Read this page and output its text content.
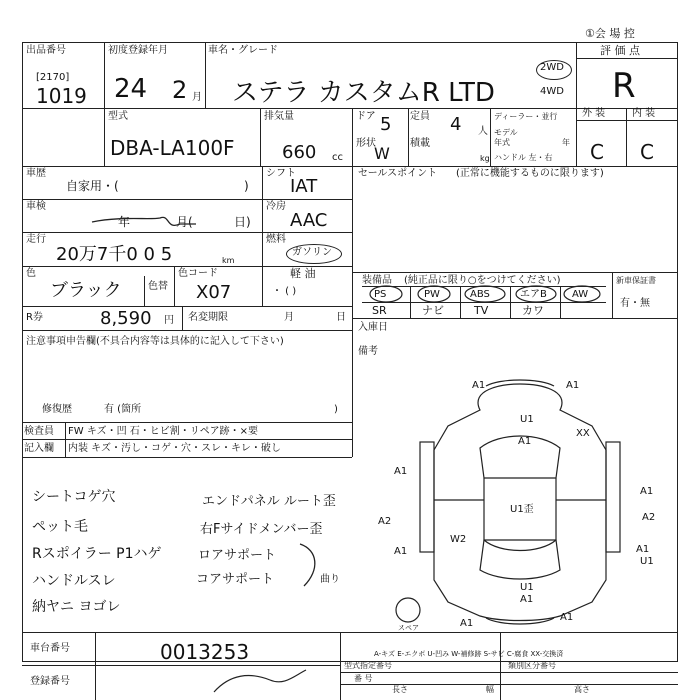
①会 場 控
出品番号
[2170]
1019
初度登録年月
24 2 月
車名・グレード
ステラ カスタムR LTD
2WD
4WD
評 価 点
R
型式
DBA-LA100F
排気量
660 cc
ドア 5 定員 4 人
形状
W
積載
kg
ディーラー・並行
モデル年式	年
ハンドル 左・右
外 装	内 装
C C
車歴
自家用・(	)
シフト
IAT
車検
年	月(	日)
冷房
AAC
走行
20万7千0 0 5	km
燃料
ガソリン
軽 油
・ ( )
色
ブラック	色替
色コード
X07
R券	8,590 円 名変期限	月	日
注意事項申告欄(不具合内容等は具体的に記入して下さい)
修復歴	有 (箇所	)
検査員 FW キズ・凹 石・ヒビ割・リペア跡・×要
記入欄 内装 キズ・汚し・コゲ・穴・スレ・キレ・破し
シートコゲ穴
ペット毛
Rスポイラー P1ハゲ
ハンドルスレ
納ヤニ ヨゴレ
エンドパネル ルート歪
右Fサイドメンバー歪
ロアサポート
コアサポート	曲り
セールスポイント (正常に機能するものに限ります)
装備品 (純正品に限り○をつけてください)	新車保証書
有・無
PS	PW	ABS	エアB	AW
SR	ナビ	TV	カワ
入庫日
備考
A1	A1
U1
A1
XX
A1
A1
A2
U1歪
A2
W2
A1
U1
A1
A1
U1
A1
A1
スペア
A-キズ E-エクボ U-凹み W-補修跡 S-サビ C-腐食 XX-交換済
車台番号	0013253
登録番号
型式指定番号	類別区分番号
番 号
長さ	幅	高さ
